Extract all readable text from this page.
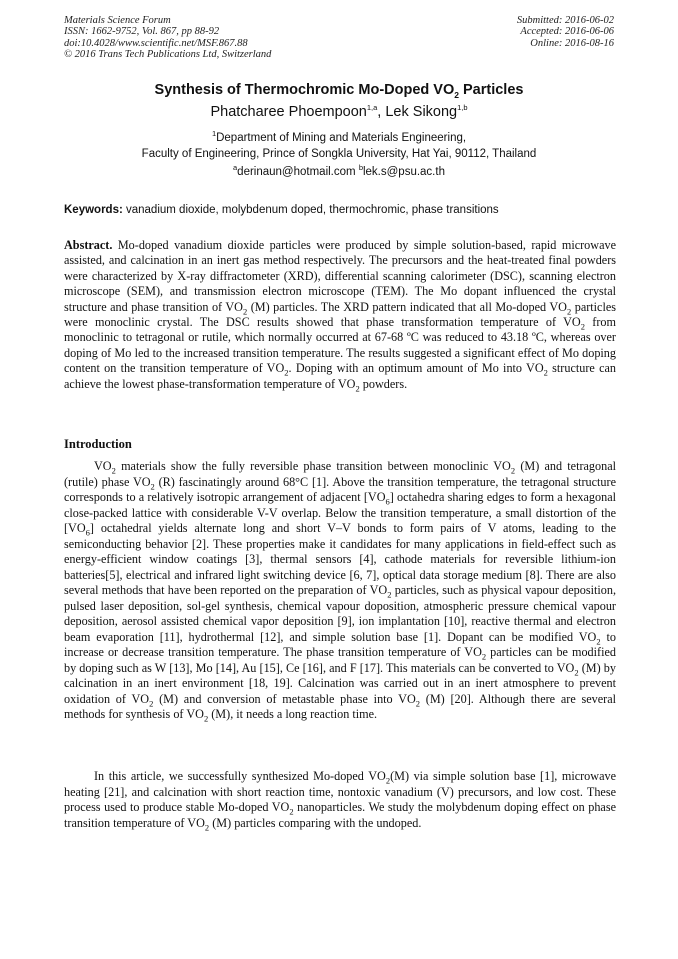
Materials Science Forum
ISSN: 1662-9752, Vol. 867, pp 88-92
doi:10.4028/www.scientific.net/MSF.867.88
© 2016 Trans Tech Publications Ltd, Switzerland
Submitted: 2016-06-02
Accepted: 2016-06-06
Online: 2016-08-16
Synthesis of Thermochromic Mo-Doped $VO_2$ Particles
Phatcharee Phoempoon$^{1,a}$, Lek Sikong$^{1,b}$
$^1$Department of Mining and Materials Engineering,
Faculty of Engineering, Prince of Songkla University, Hat Yai, 90112, Thailand
$^a$derinaun@hotmail.com $^b$lek.s@psu.ac.th
Keywords: vanadium dioxide, molybdenum doped, thermochromic, phase transitions

Abstract. Mo-doped vanadium dioxide particles were produced by simple solution-based, rapid microwave assisted, and calcination in an inert gas method respectively. The precursors and the heat-treated final powders were characterized by X-ray diffractometer (XRD), differential scanning calorimeter (DSC), scanning electron microscope (SEM), and transmission electron microscope (TEM). The Mo dopant influenced the crystal structure and phase transition of $VO_2$ (M) particles. The XRD pattern indicated that all Mo-doped $VO_2$ particles were monoclinic crystal. The DSC results showed that phase transformation temperature of $VO_2$ from monoclinic to tetragonal or rutile, which normally occurred at 67-68 ºC was reduced to 43.18 ºC, whereas over doping of Mo led to the increased transition temperature. The results suggested a significant effect of Mo doping content on the transition temperature of $VO_2$. Doping with an optimum amount of Mo into $VO_2$ structure can achieve the lowest phase-transformation temperature of $VO_2$ powders.

Introduction

$VO_2$ materials show the fully reversible phase transition between monoclinic $VO_2$ (M) and tetragonal (rutile) phase $VO_2$ (R) fascinatingly around 68°C [1]. Above the transition temperature, the tetragonal structure corresponds to a relatively isotropic arrangement of adjacent $[VO_6]$ octahedra sharing edges to form a hexagonal close-packed lattice with considerable V-V overlap. Below the transition temperature, a small distortion of the $[VO_6]$ octahedral yields alternate long and short V–V bonds to form pairs of V atoms, leading to the semiconducting behavior [2]. These properties make it candidates for many applications in field-effect such as energy-efficient window coatings [3], thermal sensors [4], cathode materials for reversible lithium-ion batteries[5], electrical and infrared light switching device [6, 7], optical data storage medium [8]. There are also several methods that have been reported on the preparation of $VO_2$ particles, such as physical vapour deposition, pulsed laser deposition, sol-gel synthesis, chemical vapour doposition, atmospheric pressure chemical vapour deposition, aerosol assisted chemical vapor deposition [9], ion implantation [10], reactive thermal and electron beam evaporation [11], hydrothermal [12], and simple solution base [1]. Dopant can be modified $VO_2$ to increase or decrease transition temperature. The phase transition temperature of $VO_2$ particles can be modified by doping such as W [13], Mo [14], Au [15], Ce [16], and F [17]. This materials can be converted to $VO_2$ (M) by calcination in an inert environment [18, 19]. Calcination was carried out in an inert atmosphere to prevent oxidation of $VO_2$ (M) and conversion of metastable phase into $VO_2$ (M) [20]. Although there are several methods for synthesis of $VO_2$ (M), it needs a long reaction time.

In this article, we successfully synthesized Mo-doped $VO_2(M)$ via simple solution base [1], microwave heating [21], and calcination with short reaction time, nontoxic vanadium (V) precursors, and low cost. These process used to produce stable Mo-doped $VO_2$ nanoparticles. We study the molybdenum doping effect on phase transition temperature of $VO_2$ (M) particles comparing with the undoped.
